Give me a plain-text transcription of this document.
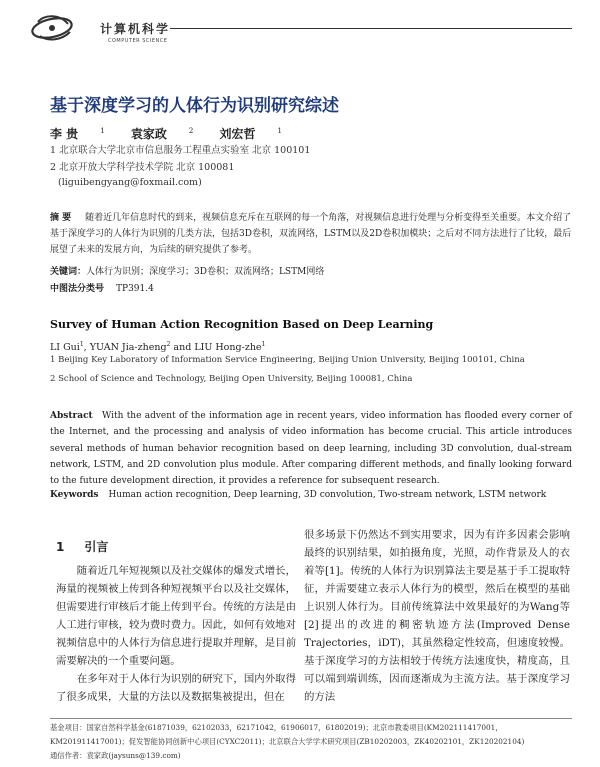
计算机科学
COMPUTER SCIENCE
基于深度学习的人体行为识别研究综述
李 贵	$^1$ 袁家政	$^2$ 刘宏哲	$^1$
1 北京联合大学北京市信息服务工程重点实验室 北京 100101
2 北京开放大学科学技术学院 北京 100081
(liguibengyang@foxmail.com)
摘 要 随着近几年信息时代的到来，视频信息充斥在互联网的每一个角落，对视频信息进行处理与分析变得至关重要。本文介绍了基于深度学习的人体行为识别的几类方法，包括3D卷积，双流网络，LSTM以及2D卷积加模块；之后对不同方法进行了比较，最后展望了未来的发展方向，为后续的研究提供了参考。
关键词：人体行为识别；深度学习；3D卷积；双流网络；LSTM网络
中图法分类号 TP391.4
Survey of Human Action Recognition Based on Deep Learning
LI Gui$^1$, YUAN Jia-zheng$^2$ and LIU Hong-zhe$^1$
1 Beijing Key Laboratory of Information Service Engineering, Beijing Union University, Beijing 100101, China
2 School of Science and Technology, Beijing Open University, Beijing 100081, China
Abstract With the advent of the information age in recent years, video information has flooded every corner of the Internet, and the processing and analysis of video information has become crucial. This article introduces several methods of human behavior recognition based on deep learning, including 3D convolution, dual-stream network, LSTM, and 2D convolution plus module. After comparing different methods, and finally looking forward to the future development direction, it provides a reference for subsequent research.
Keywords Human action recognition, Deep learning, 3D convolution, Two-stream network, LSTM network
1 引言

随着近几年短视频以及社交媒体的爆发式增长，海量的视频被上传到各种短视频平台以及社交媒体，但需要进行审核后才能上传到平台。传统的方法是由人工进行审核，较为费时费力。因此，如何有效地对视频信息中的人体行为信息进行提取并理解，是目前需要解决的一个重要问题。

在多年对于人体行为识别的研究下，国内外取得了很多成果，大量的方法以及数据集被提出，但在

很多场景下仍然达不到实用要求，因为有许多因素会影响最终的识别结果，如拍摄角度，光照，动作背景及人的衣着等[1]。传统的人体行为识别算法主要是基于手工提取特征，并需要建立表示人体行为的模型，然后在模型的基础上识别人体行为。目前传统算法中效果最好的为Wang等[2]提出的改进的稠密轨迹方法(Improved Dense Trajectories，iDT)，其虽然稳定性较高，但速度较慢。基于深度学习的方法相较于传统方法速度快，精度高，且可以端到端训练，因而逐渐成为主流方法。基于深度学习的方法

基金项目：国家自然科学基金(61871039，62102033，62171042，61906017，61802019)；北京市教委项目(KM202111417001，KM201911417001)；促发智能协同创新中心项目(CYXC2011)；北京联合大学学术研究项目(ZB10202003，ZK40202101，ZK120202104)
通信作者：袁家政(jaysuns@139.com)
